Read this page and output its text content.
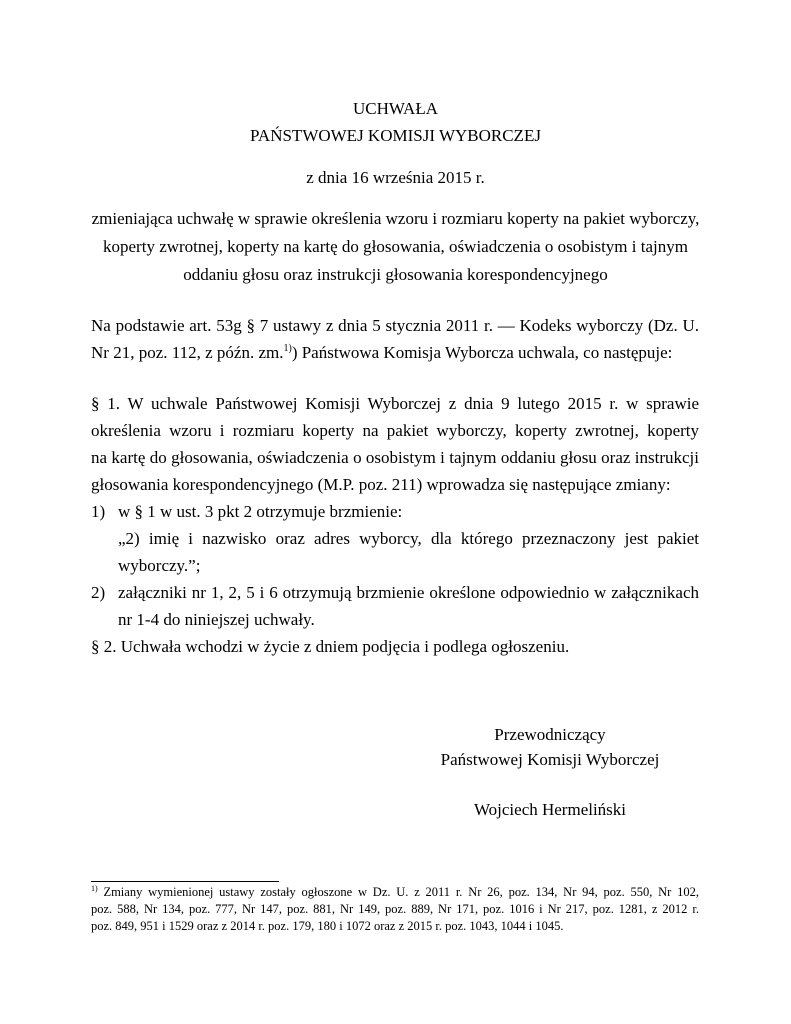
UCHWAŁA
PAŃSTWOWEJ KOMISJI WYBORCZEJ
z dnia 16 września 2015 r.
zmieniająca uchwałę w sprawie określenia wzoru i rozmiaru koperty na pakiet wyborczy,
koperty zwrotnej, koperty na kartę do głosowania, oświadczenia o osobistym i tajnym
oddaniu głosu oraz instrukcji głosowania korespondencyjnego
Na podstawie art. 53g § 7 ustawy z dnia 5 stycznia 2011 r. — Kodeks wyborczy (Dz. U.
Nr 21, poz. 112, z późn. zm.$^{1)}$) Państwowa Komisja Wyborcza uchwala, co następuje:
§ 1. W uchwale Państwowej Komisji Wyborczej z dnia 9 lutego 2015 r. w sprawie
określenia wzoru i rozmiaru koperty na pakiet wyborczy, koperty zwrotnej, koperty
na kartę do głosowania, oświadczenia o osobistym i tajnym oddaniu głosu oraz instrukcji
głosowania korespondencyjnego (M.P. poz. 211) wprowadza się następujące zmiany:
1) w § 1 w ust. 3 pkt 2 otrzymuje brzmienie:
„2) imię i nazwisko oraz adres wyborcy, dla którego przeznaczony jest pakiet
wyborczy.”;
2) załączniki nr 1, 2, 5 i 6 otrzymują brzmienie określone odpowiednio w załącznikach
nr 1-4 do niniejszej uchwały.
§ 2. Uchwała wchodzi w życie z dniem podjęcia i podlega ogłoszeniu.
Przewodniczący
Państwowej Komisji Wyborczej
Wojciech Hermeliński
$^{1)}$ Zmiany wymienionej ustawy zostały ogłoszone w Dz. U. z 2011 r. Nr 26, poz. 134, Nr 94, poz. 550, Nr 102,
poz. 588, Nr 134, poz. 777, Nr 147, poz. 881, Nr 149, poz. 889, Nr 171, poz. 1016 i Nr 217, poz. 1281, z 2012 r.
poz. 849, 951 i 1529 oraz z 2014 r. poz. 179, 180 i 1072 oraz z 2015 r. poz. 1043, 1044 i 1045.
